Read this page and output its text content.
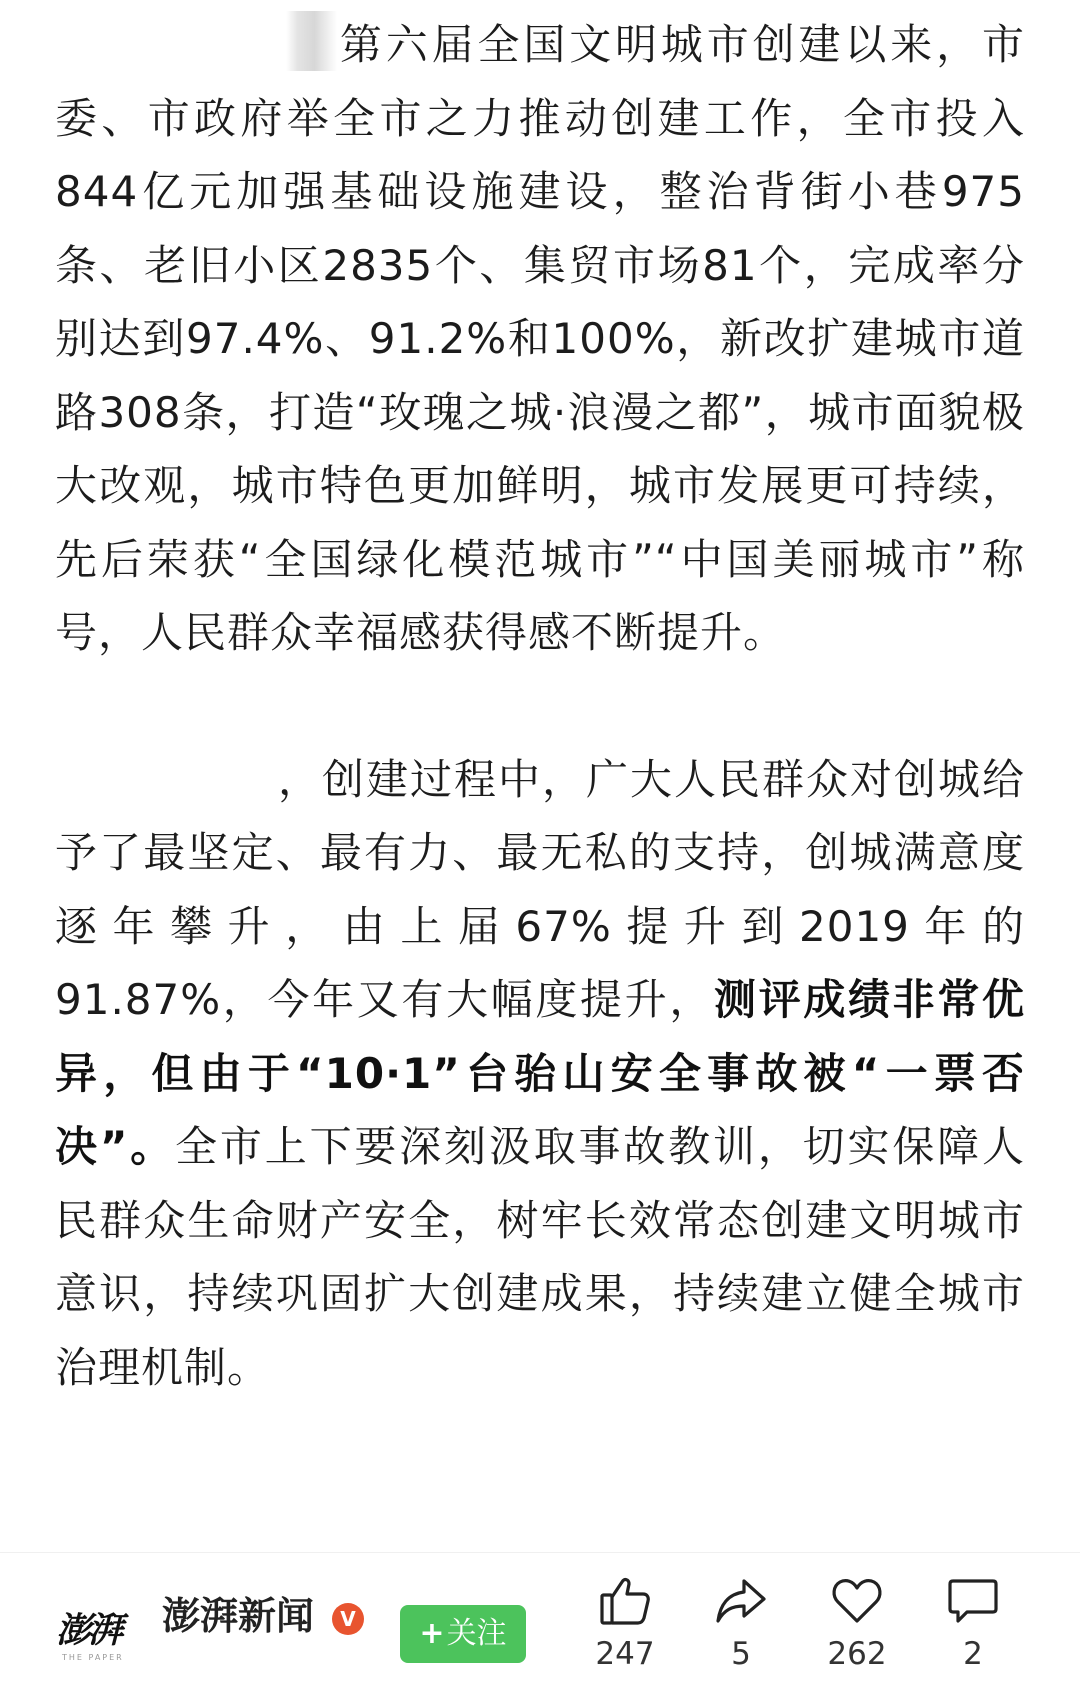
第六届全国文明城市创建以来，市委、市政府举全市之力推动创建工作，全市投入844亿元加强基础设施建设，整治背街小巷975条、老旧小区2835个、集贸市场81个，完成率分别达到97.4%、91.2%和100%，新改扩建城市道路308条，打造“玫瑰之城·浪漫之都”，城市面貌极大改观，城市特色更加鲜明，城市发展更可持续，先后荣获“全国绿化模范城市”“中国美丽城市”称号，人民群众幸福感获得感不断提升。

，创建过程中，广大人民群众对创城给予了最坚定、最有力、最无私的支持，创城满意度逐年攀升，由上届67%提升到2019年的91.87%，今年又有大幅度提升，测评成绩非常优异，但由于“10·1”台骀山安全事故被“一票否决”。全市上下要深刻汲取事故教训，切实保障人民群众生命财产安全，树牢长效常态创建文明城市意识，持续巩固扩大创建成果，持续建立健全城市治理机制。

澎湃
THE PAPER
澎湃新闻	V	+关注
247	5	262	2
